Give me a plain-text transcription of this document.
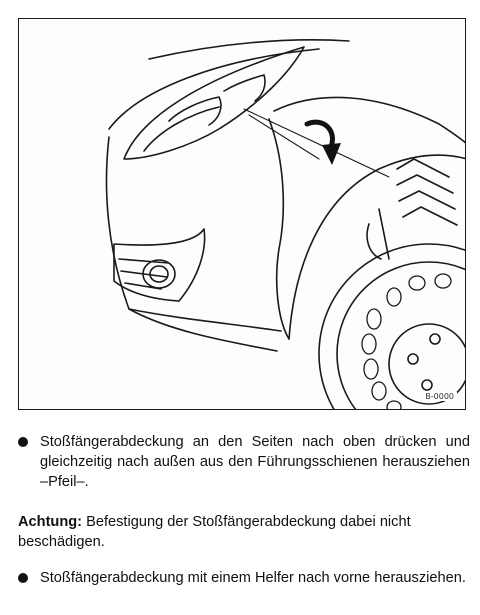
B-0000
Stoßfängerabdeckung an den Seiten nach oben drücken und gleichzeitig nach außen aus den Führungsschienen herausziehen –Pfeil–.
Achtung: Befestigung der Stoßfängerabdeckung dabei nicht beschädigen.
Stoßfängerabdeckung mit einem Helfer nach vorne herausziehen.
